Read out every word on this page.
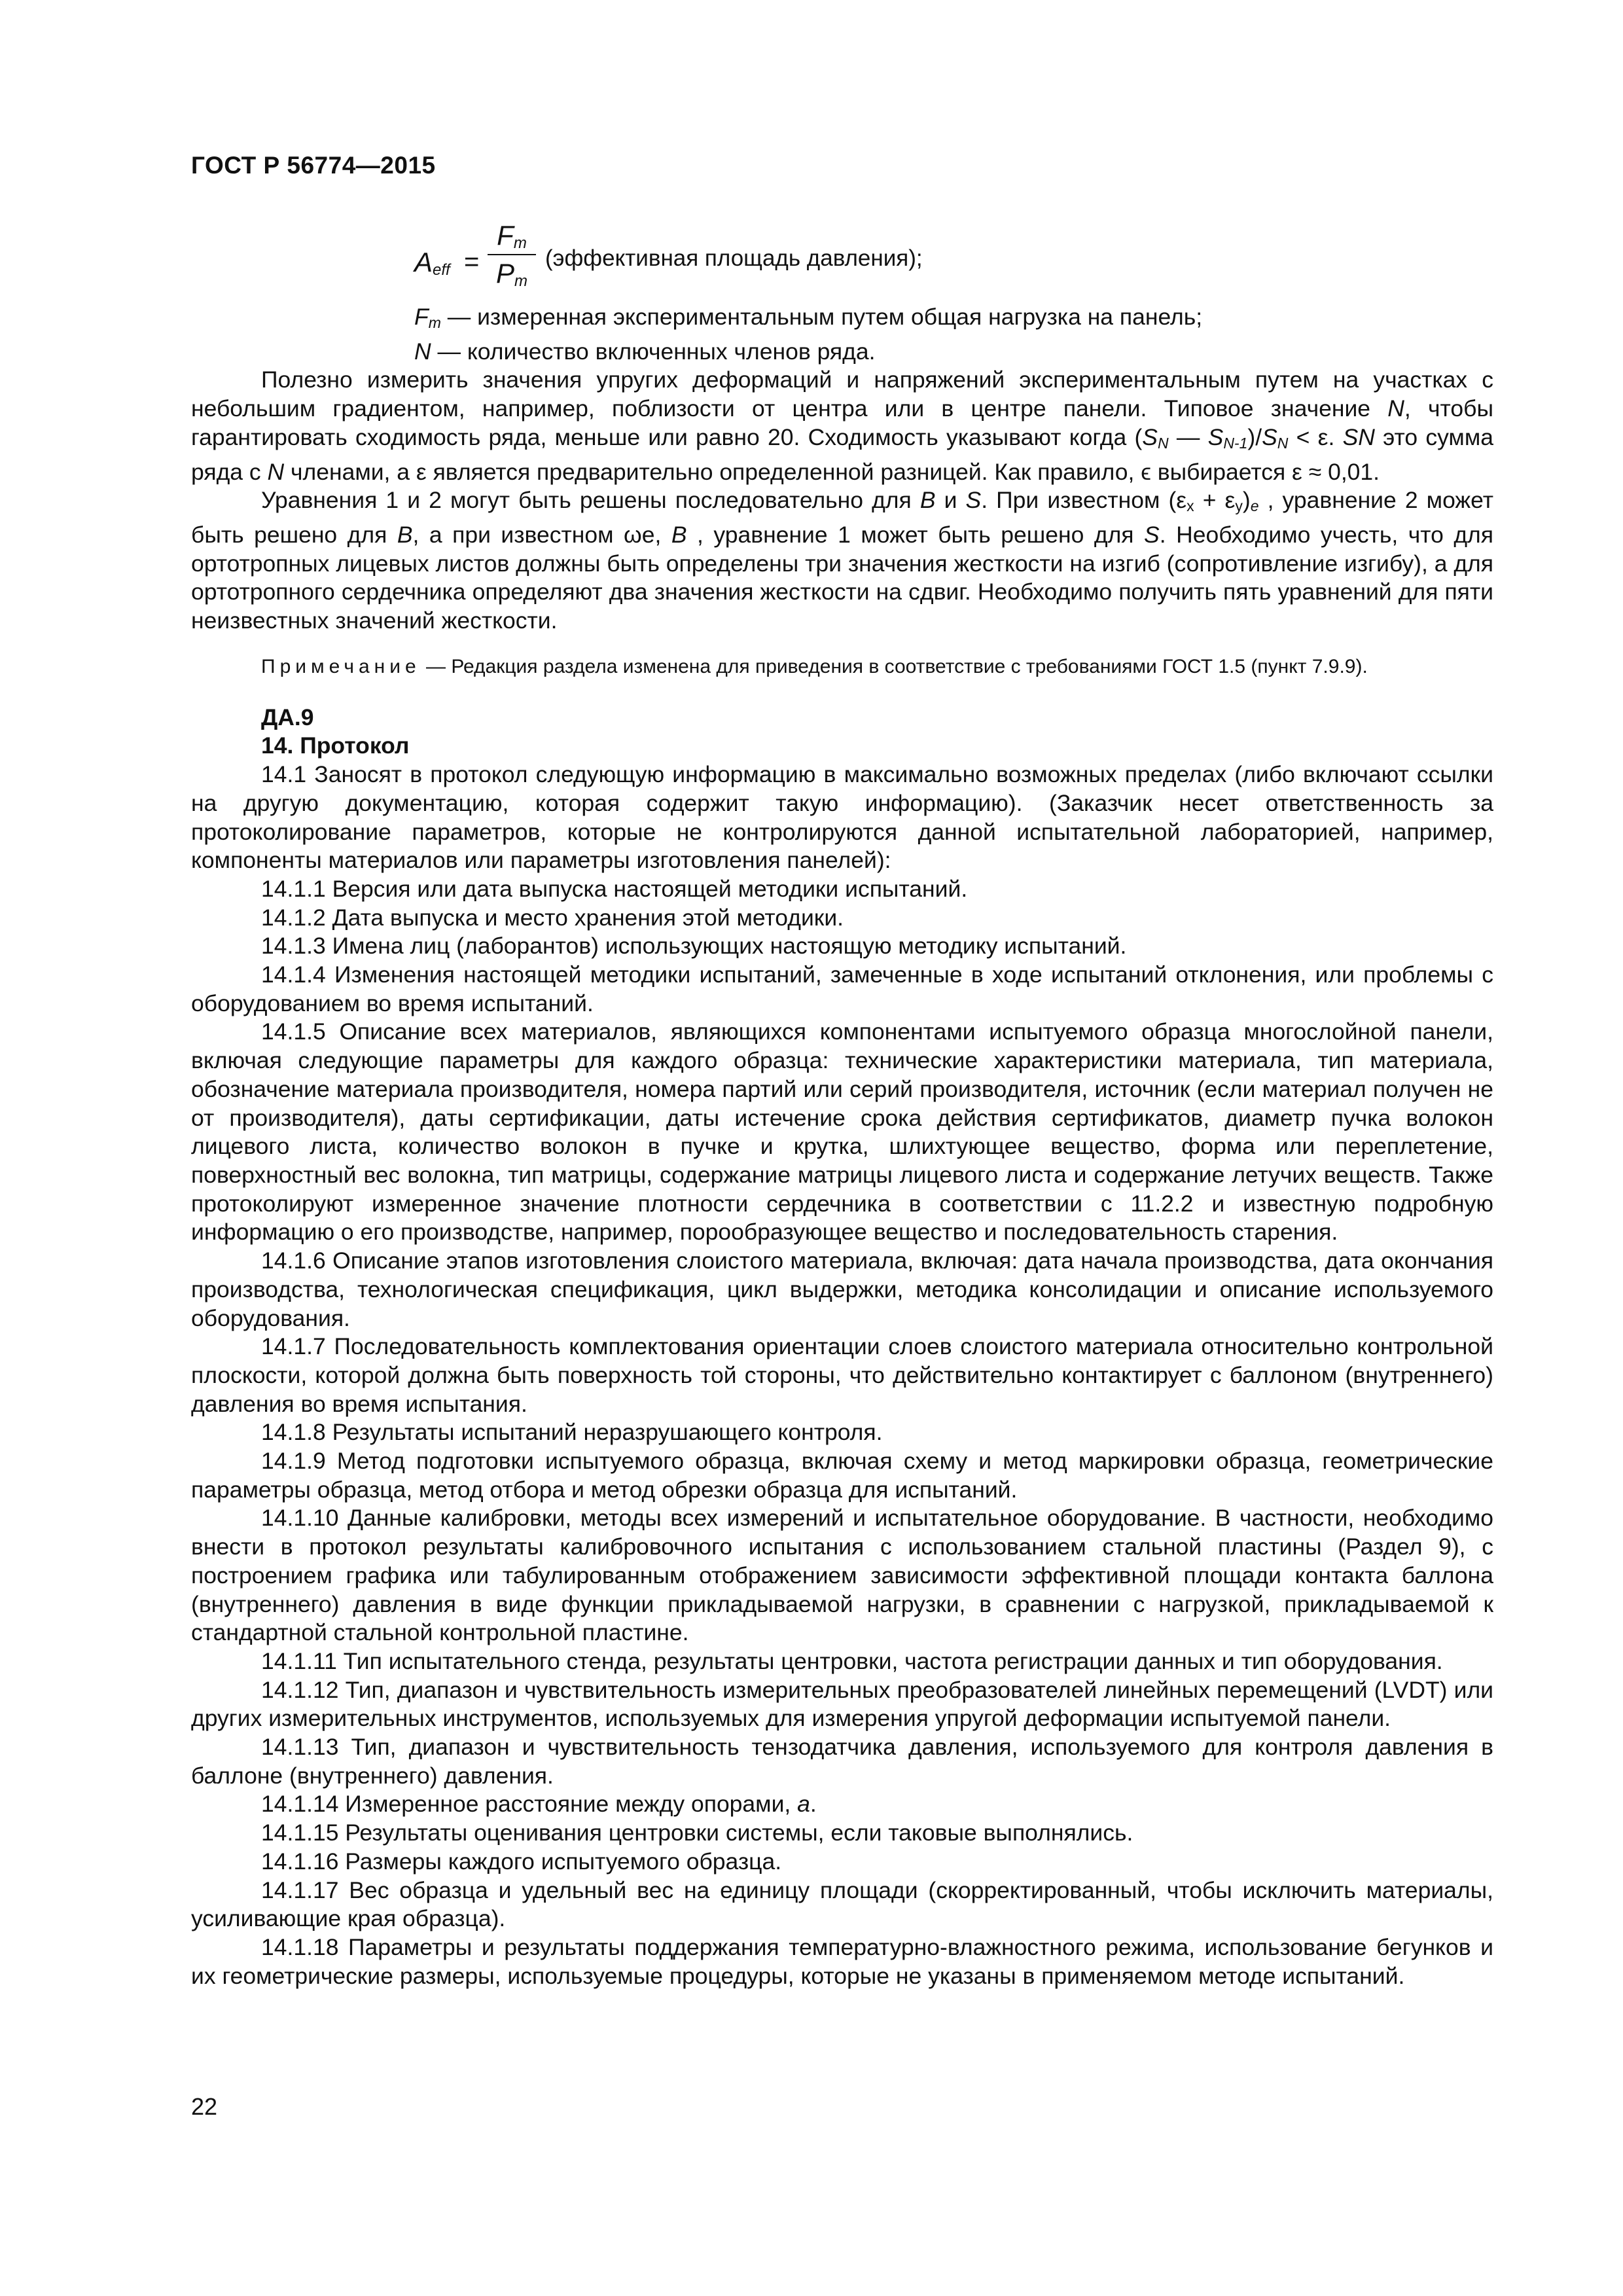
ГОСТ Р 56774—2015
$A_{eff}$ =
$F_m$
$P_m$
(эффективная площадь давления);

$F_m$ — измеренная экспериментальным путем общая нагрузка на панель;

N — количество включенных членов ряда.

Полезно измерить значения упругих деформаций и напряжений экспериментальным путем на участках с небольшим градиентом, например, поблизости от центра или в центре панели. Типовое значение N, чтобы гарантировать сходимость ряда, меньше или равно 20. Сходимость указывают когда ($S_N$ — $S_{N-1})/S_N < \varepsilon$. SN это сумма ряда с N членами, а ε является предварительно определенной разницей. Как правило, ϵ выбирается ε ≈ 0,01.

Уравнения 1 и 2 могут быть решены последовательно для B и S. При известном $(\varepsilon_x + \varepsilon_y)_e$ , уравнение 2 может быть решено для B, а при известном ωe, B , уравнение 1 может быть решено для S. Необходимо учесть, что для ортотропных лицевых листов должны быть определены три значения жесткости на изгиб (сопротивление изгибу), а для ортотропного сердечника определяют два значения жесткости на сдвиг. Необходимо получить пять уравнений для пяти неизвестных значений жесткости.

Примечание — Редакция раздела изменена для приведения в соответствие с требованиями ГОСТ 1.5 (пункт 7.9.9).

ДА.9

14. Протокол

14.1 Заносят в протокол следующую информацию в максимально возможных пределах (либо включают ссылки на другую документацию, которая содержит такую информацию). (Заказчик несет ответственность за протоколирование параметров, которые не контролируются данной испытательной лабораторией, например, компоненты материалов или параметры изготовления панелей):

14.1.1 Версия или дата выпуска настоящей методики испытаний.

14.1.2 Дата выпуска и место хранения этой методики.

14.1.3 Имена лиц (лаборантов) использующих настоящую методику испытаний.

14.1.4 Изменения настоящей методики испытаний, замеченные в ходе испытаний отклонения, или проблемы с оборудованием во время испытаний.

14.1.5 Описание всех материалов, являющихся компонентами испытуемого образца многослойной панели, включая следующие параметры для каждого образца: технические характеристики материала, тип материала, обозначение материала производителя, номера партий или серий производителя, источник (если материал получен не от производителя), даты сертификации, даты истечение срока действия сертификатов, диаметр пучка волокон лицевого листа, количество волокон в пучке и крутка, шлихтующее вещество, форма или переплетение, поверхностный вес волокна, тип матрицы, содержание матрицы лицевого листа и содержание летучих веществ. Также протоколируют измеренное значение плотности сердечника в соответствии с 11.2.2 и известную подробную информацию о его производстве, например, порообразующее вещество и последовательность старения.

14.1.6 Описание этапов изготовления слоистого материала, включая: дата начала производства, дата окончания производства, технологическая спецификация, цикл выдержки, методика консолидации и описание используемого оборудования.

14.1.7 Последовательность комплектования ориентации слоев слоистого материала относительно контрольной плоскости, которой должна быть поверхность той стороны, что действительно контактирует с баллоном (внутреннего) давления во время испытания.

14.1.8 Результаты испытаний неразрушающего контроля.

14.1.9 Метод подготовки испытуемого образца, включая схему и метод маркировки образца, геометрические параметры образца, метод отбора и метод обрезки образца для испытаний.

14.1.10 Данные калибровки, методы всех измерений и испытательное оборудование. В частности, необходимо внести в протокол результаты калибровочного испытания с использованием стальной пластины (Раздел 9), с построением графика или табулированным отображением зависимости эффективной площади контакта баллона (внутреннего) давления в виде функции прикладываемой нагрузки, в сравнении с нагрузкой, прикладываемой к стандартной стальной контрольной пластине.

14.1.11 Тип испытательного стенда, результаты центровки, частота регистрации данных и тип оборудования.

14.1.12 Тип, диапазон и чувствительность измерительных преобразователей линейных перемещений (LVDT) или других измерительных инструментов, используемых для измерения упругой деформации испытуемой панели.

14.1.13 Тип, диапазон и чувствительность тензодатчика давления, используемого для контроля давления в баллоне (внутреннего) давления.

14.1.14 Измеренное расстояние между опорами, a.

14.1.15 Результаты оценивания центровки системы, если таковые выполнялись.

14.1.16 Размеры каждого испытуемого образца.

14.1.17 Вес образца и удельный вес на единицу площади (скорректированный, чтобы исключить материалы, усиливающие края образца).

14.1.18 Параметры и результаты поддержания температурно-влажностного режима, использование бегунков и их геометрические размеры, используемые процедуры, которые не указаны в применяемом методе испытаний.

22
